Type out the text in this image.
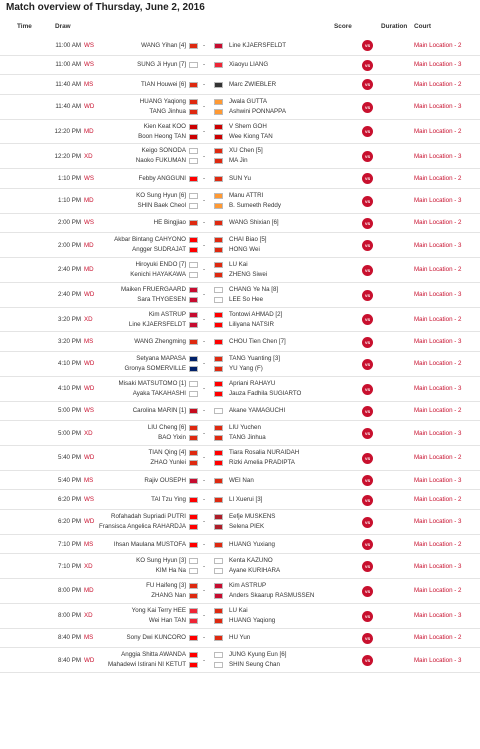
Match overview of Thursday, June 2, 2016
Time	Draw	Score	Duration Court
11:00 AM WS	WANG Yihan [4]	Line KJAERSFELDT
-	VS	Main Location - 2
11:00 AM WS	SUNG Ji Hyun [7]	Xiaoyu LIANG
-	VS	Main Location - 3
11:40 AM MS	TIAN Houwei [6]	Marc ZWIEBLER
-	VS	Main Location - 2
11:40 AM WD
HUANG Yaqiong	Jwala GUTTA
TANG Jinhua	Ashwini PONNAPPA
-	VS	Main Location - 3
12:20 PM MD
Kien Keat KOO	V Shem GOH
Boon Heong TAN	Wee Kiong TAN
-	VS	Main Location - 2
12:20 PM XD
Keigo SONODA	XU Chen [5]
Naoko FUKUMAN	MA Jin
-	VS	Main Location - 3
1:10 PM WS	Febby ANGGUNI	SUN Yu
-	VS	Main Location - 2
1:10 PM MD
KO Sung Hyun [6]	Manu ATTRI
SHIN Baek Cheol	B. Sumeeth Reddy
-	VS	Main Location - 3
2:00 PM WS	HE Bingjiao	WANG Shixian [6]
-	VS	Main Location - 2
2:00 PM MD
Akbar Bintang CAHYONO	CHAI Biao [5]
Angger SUDRAJAT	HONG Wei
-	VS	Main Location - 3
2:40 PM MD
Hiroyuki ENDO [7]	LU Kai
Kenichi HAYAKAWA	ZHENG Siwei
-	VS	Main Location - 2
2:40 PM WD
Maiken FRUERGAARD	CHANG Ye Na [8]
Sara THYGESEN	LEE So Hee
-	VS	Main Location - 3
3:20 PM XD
Kim ASTRUP	Tontowi AHMAD [2]
Line KJAERSFELDT	Liliyana NATSIR
-	VS	Main Location - 2
3:20 PM MS	WANG Zhengming	CHOU Tien Chen [7]
-	VS	Main Location - 3
4:10 PM WD
Setyana MAPASA	TANG Yuanting [3]
Gronya SOMERVILLE	YU Yang (F)
-	VS	Main Location - 2
4:10 PM WD
Misaki MATSUTOMO [1]	Apriani RAHAYU
Ayaka TAKAHASHI	Jauza Fadhila SUGIARTO
-	VS	Main Location - 3
5:00 PM WS	Carolina MARIN [1]	Akane YAMAGUCHI
-	VS	Main Location - 2
5:00 PM XD
LIU Cheng [6]	LIU Yuchen
BAO Yixin	TANG Jinhua
-	VS	Main Location - 3
5:40 PM WD
TIAN Qing [4]	Tiara Rosalia NURAIDAH
ZHAO Yunlei	Rizki Amelia PRADIPTA
-	VS	Main Location - 2
5:40 PM MS	Rajiv OUSEPH	WEI Nan
-	VS	Main Location - 3
6:20 PM WS	TAI Tzu Ying	LI Xuerui [3]
-	VS	Main Location - 2
6:20 PM WD
Rofahadah Supriadi PUTRI	Eefje MUSKENS
Fransisca Angelica RAHARDJA	Selena PIEK
-	VS	Main Location - 3
7:10 PM MS	Ihsan Maulana MUSTOFA	HUANG Yuxiang
-	VS	Main Location - 2
7:10 PM XD
KO Sung Hyun [3]	Kenta KAZUNO
KIM Ha Na	Ayane KURIHARA
-	VS	Main Location - 3
8:00 PM MD
FU Haifeng [3]	Kim ASTRUP
ZHANG Nan	Anders Skaarup RASMUSSEN
-	VS	Main Location - 2
8:00 PM XD
Yong Kai Terry HEE	LU Kai
Wei Han TAN	HUANG Yaqiong
-	VS	Main Location - 3
8:40 PM MS	Sony Dwi KUNCORO	HU Yun
-	VS	Main Location - 2
8:40 PM WD
Anggia Shitta AWANDA	JUNG Kyung Eun [6]
Mahadewi Istirani NI KETUT	SHIN Seung Chan
-	VS	Main Location - 3
